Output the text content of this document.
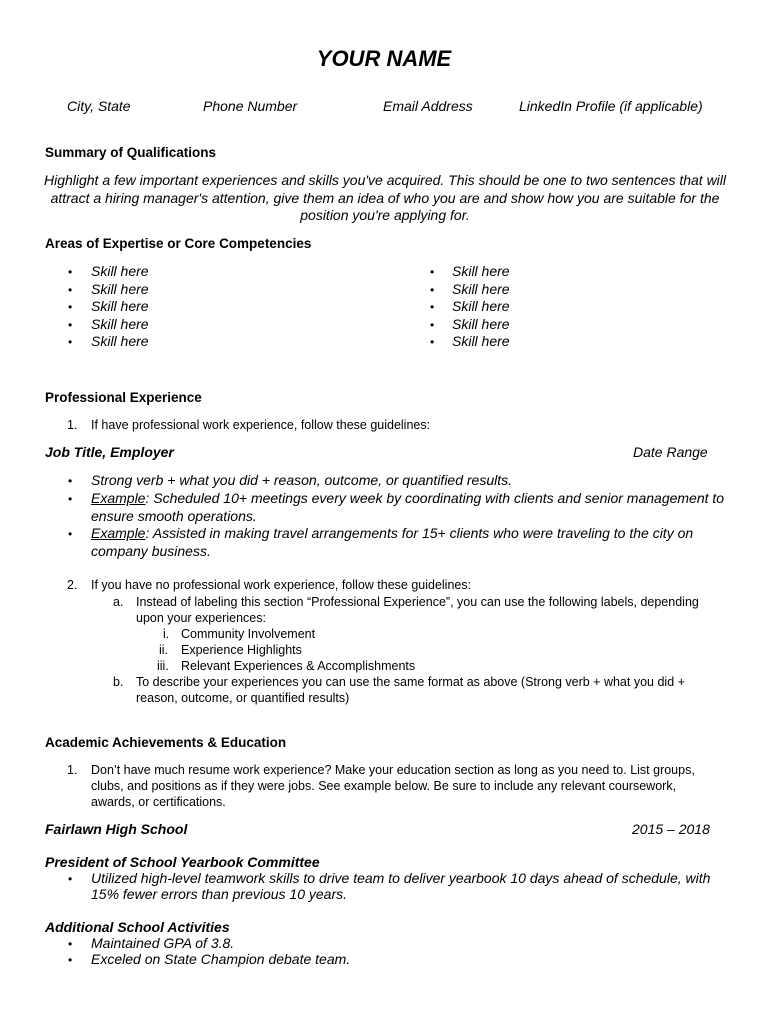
YOUR NAME
City, State	Phone Number	Email Address	LinkedIn Profile (if applicable)
Summary of Qualifications
Highlight a few important experiences and skills you've acquired. This should be one to two sentences that will attract a hiring manager's attention, give them an idea of who you are and show how you are suitable for the position you're applying for.
Areas of Expertise or Core Competencies
• Skill here
• Skill here
• Skill here
• Skill here
• Skill here
• Skill here
• Skill here
• Skill here
• Skill here
• Skill here
Professional Experience
1. If have professional work experience, follow these guidelines:
Job Title, Employer	Date Range
• Strong verb + what you did + reason, outcome, or quantified results.
• Example: Scheduled 10+ meetings every week by coordinating with clients and senior management to
ensure smooth operations.
• Example: Assisted in making travel arrangements for 15+ clients who were traveling to the city on
company business.
2. If you have no professional work experience, follow these guidelines:
a. Instead of labeling this section “Professional Experience”, you can use the following labels, depending
upon your experiences:
i. Community Involvement
ii. Experience Highlights
iii. Relevant Experiences & Accomplishments
b. To describe your experiences you can use the same format as above (Strong verb + what you did +
reason, outcome, or quantified results)
Academic Achievements & Education
1. Don’t have much resume work experience? Make your education section as long as you need to. List groups,
clubs, and positions as if they were jobs. See example below. Be sure to include any relevant coursework,
awards, or certifications.
Fairlawn High School	2015 – 2018
President of School Yearbook Committee
• Utilized high-level teamwork skills to drive team to deliver yearbook 10 days ahead of schedule, with
15% fewer errors than previous 10 years.
Additional School Activities
• Maintained GPA of 3.8.
• Exceled on State Champion debate team.
